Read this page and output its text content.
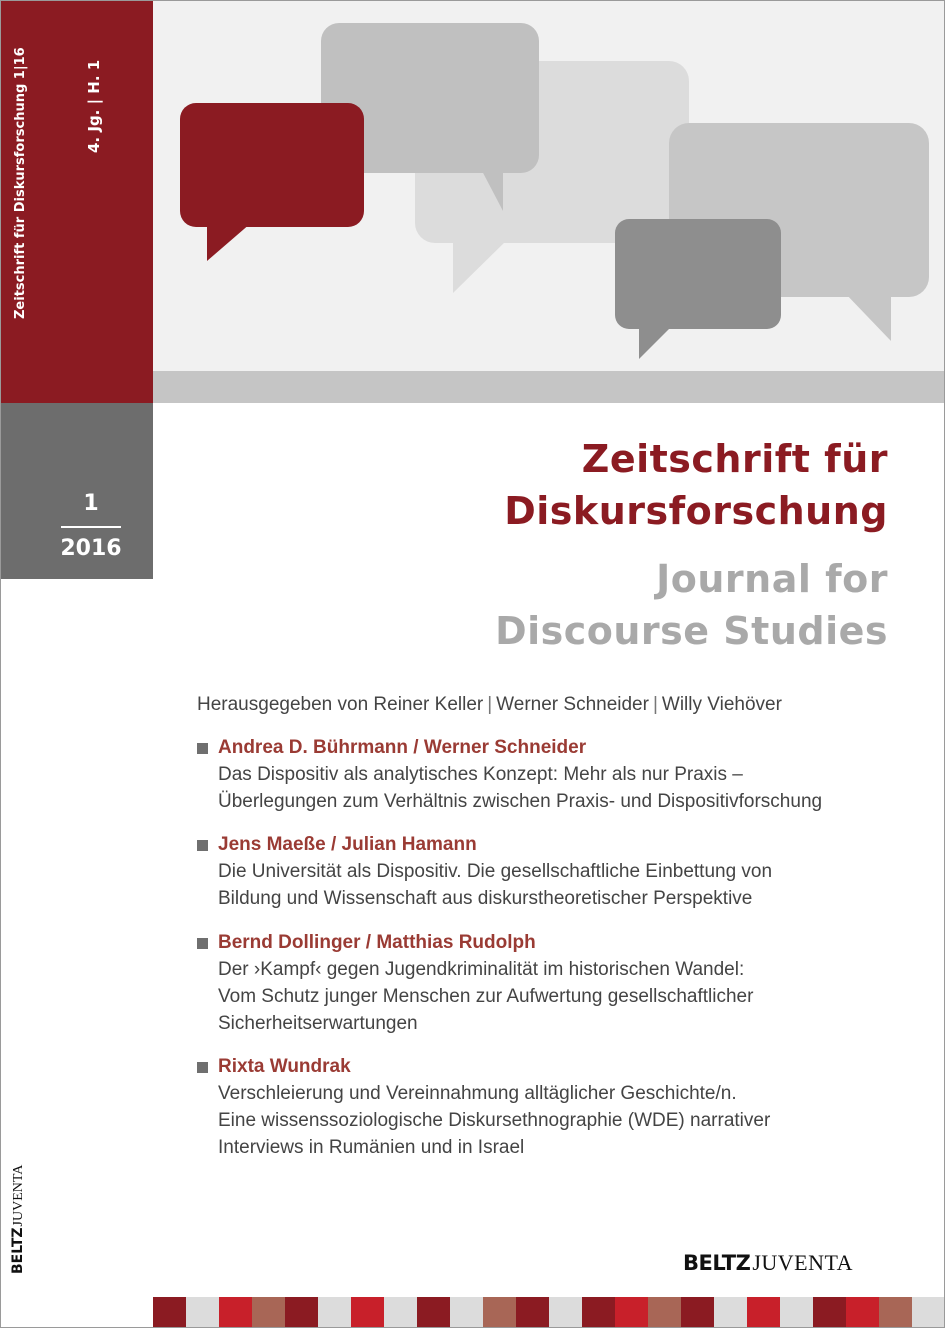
Zeitschrift für Diskursforschung 1|16	4. Jg. | H. 1
1
2016
Zeitschrift für
Diskursforschung
Journal for
Discourse Studies
Herausgegeben von Reiner Keller | Werner Schneider | Willy Viehöver
Andrea D. Bührmann / Werner Schneider
Das Dispositiv als analytisches Konzept: Mehr als nur Praxis –
Überlegungen zum Verhältnis zwischen Praxis- und Dispositivforschung
Jens Maeße / Julian Hamann
Die Universität als Dispositiv. Die gesellschaftliche Einbettung von
Bildung und Wissenschaft aus diskurstheoretischer Perspektive
Bernd Dollinger / Matthias Rudolph
Der ›Kampf‹ gegen Jugendkriminalität im historischen Wandel:
Vom Schutz junger Menschen zur Aufwertung gesellschaftlicher
Sicherheitserwartungen
Rixta Wundrak
Verschleierung und Vereinnahmung alltäglicher Geschichte/n.
Eine wissenssoziologische Diskursethnographie (WDE) narrativer
Interviews in Rumänien und in Israel
BELTZJUVENTA
BELTZJUVENTA
